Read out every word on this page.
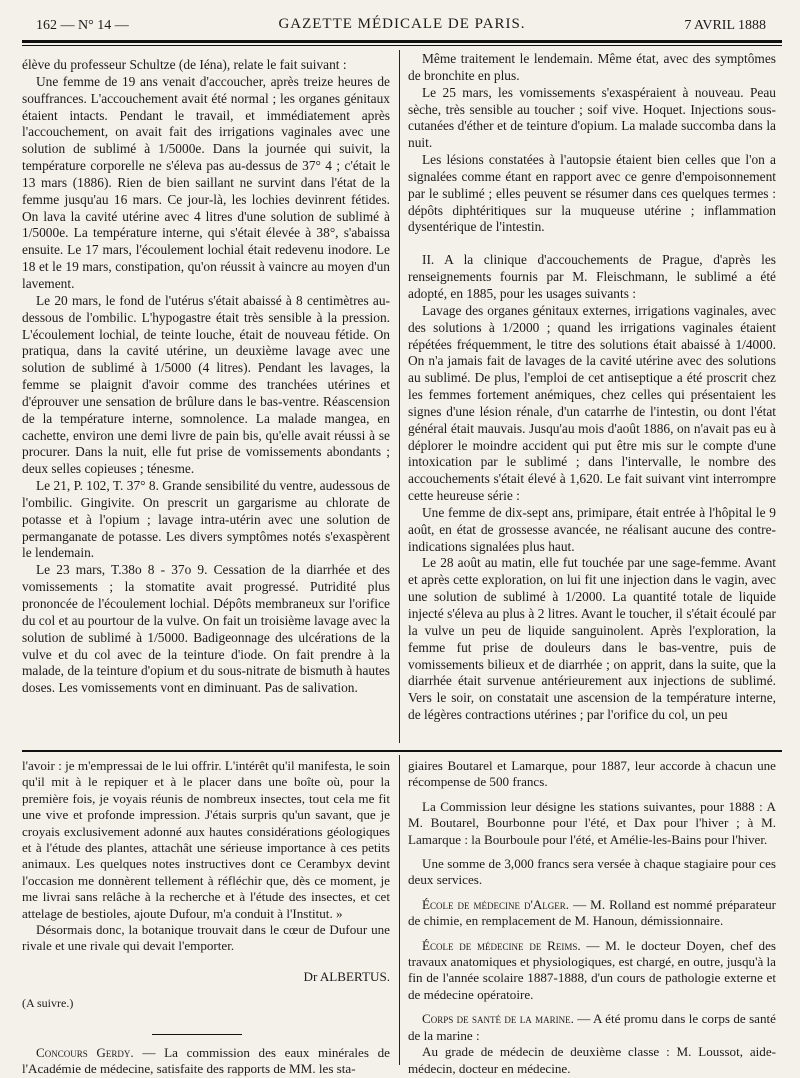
162 — N° 14 —	GAZETTE MÉDICALE DE PARIS.	7 AVRIL 1888

élève du professeur Schultze (de Iéna), relate le fait suivant :

Une femme de 19 ans venait d'accoucher, après treize heures de souffrances. L'accouchement avait été normal ; les organes génitaux étaient intacts. Pendant le travail, et immédiatement après l'accouchement, on avait fait des irrigations vaginales avec une solution de sublimé à 1/5000e. Dans la journée qui suivit, la température corporelle ne s'éleva pas au-dessus de 37° 4 ; c'était le 13 mars (1886). Rien de bien saillant ne survint dans l'état de la femme jusqu'au 16 mars. Ce jour-là, les lochies devinrent fétides. On lava la cavité utérine avec 4 litres d'une solution de sublimé à 1/5000e. La température interne, qui s'était élevée à 38°, s'abaissa ensuite. Le 17 mars, l'écoulement lochial était redevenu inodore. Le 18 et le 19 mars, constipation, qu'on réussit à vaincre au moyen d'un lavement.

Le 20 mars, le fond de l'utérus s'était abaissé à 8 centimètres au-dessous de l'ombilic. L'hypogastre était très sensible à la pression. L'écoulement lochial, de teinte louche, était de nouveau fétide. On pratiqua, dans la cavité utérine, un deuxième lavage avec une solution de sublimé à 1/5000 (4 litres). Pendant les lavages, la femme se plaignit d'avoir comme des tranchées utérines et d'éprouver une sensation de brûlure dans le bas-ventre. Réascension de la température interne, somnolence. La malade mangea, en cachette, environ une demi livre de pain bis, qu'elle avait réussi à se procurer. Dans la nuit, elle fut prise de vomissements abondants ; deux selles copieuses ; ténesme.

Le 21, P. 102, T. 37° 8. Grande sensibilité du ventre, audessous de l'ombilic. Gingivite. On prescrit un gargarisme au chlorate de potasse et à l'opium ; lavage intra-utérin avec une solution de permanganate de potasse. Les divers symptômes notés s'exaspèrent le lendemain.

Le 23 mars, T.38o 8 - 37o 9. Cessation de la diarrhée et des vomissements ; la stomatite avait progressé. Putridité plus prononcée de l'écoulement lochial. Dépôts membraneux sur l'orifice du col et au pourtour de la vulve. On fait un troisième lavage avec la solution de sublimé à 1/5000. Badigeonnage des ulcérations de la vulve et du col avec de la teinture d'iode. On fait prendre à la malade, de la teinture d'opium et du sous-nitrate de bismuth à hautes doses. Les vomissements vont en diminuant. Pas de salivation.

Même traitement le lendemain. Même état, avec des symptômes de bronchite en plus.

Le 25 mars, les vomissements s'exaspéraient à nouveau. Peau sèche, très sensible au toucher ; soif vive. Hoquet. Injections sous-cutanées d'éther et de teinture d'opium. La malade succomba dans la nuit.

Les lésions constatées à l'autopsie étaient bien celles que l'on a signalées comme étant en rapport avec ce genre d'empoisonnement par le sublimé ; elles peuvent se résumer dans ces quelques termes : dépôts diphtéritiques sur la muqueuse utérine ; inflammation dysentérique de l'intestin.

II. A la clinique d'accouchements de Prague, d'après les renseignements fournis par M. Fleischmann, le sublimé a été adopté, en 1885, pour les usages suivants :

Lavage des organes génitaux externes, irrigations vaginales, avec des solutions à 1/2000 ; quand les irrigations vaginales étaient répétées fréquemment, le titre des solutions était abaissé à 1/4000. On n'a jamais fait de lavages de la cavité utérine avec des solutions au sublimé. De plus, l'emploi de cet antiseptique a été proscrit chez les femmes fortement anémiques, chez celles qui présentaient les signes d'une lésion rénale, d'un catarrhe de l'intestin, ou dont l'état général était mauvais. Jusqu'au mois d'août 1886, on n'avait pas eu à déplorer le moindre accident qui put être mis sur le compte d'une intoxication par le sublimé ; dans l'intervalle, le nombre des accouchements s'était élevé à 1,620. Le fait suivant vint interrompre cette heureuse série :

Une femme de dix-sept ans, primipare, était entrée à l'hôpital le 9 août, en état de grossesse avancée, ne réalisant aucune des contre-indications signalées plus haut.

Le 28 août au matin, elle fut touchée par une sage-femme. Avant et après cette exploration, on lui fit une injection dans le vagin, avec une solution de sublimé à 1/2000. La quantité totale de liquide injecté s'éleva au plus à 2 litres. Avant le toucher, il s'était écoulé par la vulve un peu de liquide sanguinolent. Après l'exploration, la femme fut prise de douleurs dans le bas-ventre, puis de vomissements bilieux et de diarrhée ; on apprit, dans la suite, que la diarrhée était survenue antérieurement aux injections de sublimé. Vers le soir, on constatait une ascension de la température interne, de légères contractions utérines ; par l'orifice du col, un peu

l'avoir : je m'empressai de le lui offrir. L'intérêt qu'il manifesta, le soin qu'il mit à le repiquer et à le placer dans une boîte où, pour la première fois, je voyais réunis de nombreux insectes, tout cela me fit une vive et profonde impression. J'étais surpris qu'un savant, que je croyais exclusivement adonné aux hautes considérations géologiques et à l'étude des plantes, attachât une sérieuse importance à ces petits animaux. Les quelques notes instructives dont ce Cerambyx devint l'occasion me donnèrent tellement à réfléchir que, dès ce moment, je me livrai sans relâche à la recherche et à l'étude des insectes, et cet attelage de bestioles, ajoute Dufour, m'a conduit à l'Institut. »

Désormais donc, la botanique trouvait dans le cœur de Dufour une rivale et une rivale qui devait l'emporter.

Dr ALBERTUS.

(A suivre.)

Concours Gerdy. — La commission des eaux minérales de l'Académie de médecine, satisfaite des rapports de MM. les sta-

giaires Boutarel et Lamarque, pour 1887, leur accorde à chacun une récompense de 500 francs.

La Commission leur désigne les stations suivantes, pour 1888 : A M. Boutarel, Bourbonne pour l'été, et Dax pour l'hiver ; à M. Lamarque : la Bourboule pour l'été, et Amélie-les-Bains pour l'hiver.

Une somme de 3,000 francs sera versée à chaque stagiaire pour ces deux services.

École de médecine d'Alger. — M. Rolland est nommé préparateur de chimie, en remplacement de M. Hanoun, démissionnaire.

École de médecine de Reims. — M. le docteur Doyen, chef des travaux anatomiques et physiologiques, est chargé, en outre, jusqu'à la fin de l'année scolaire 1887-1888, d'un cours de pathologie externe et de médecine opératoire.

Corps de santé de la marine. — A été promu dans le corps de santé de la marine :

Au grade de médecin de deuxième classe : M. Loussot, aide-médecin, docteur en médecine.
